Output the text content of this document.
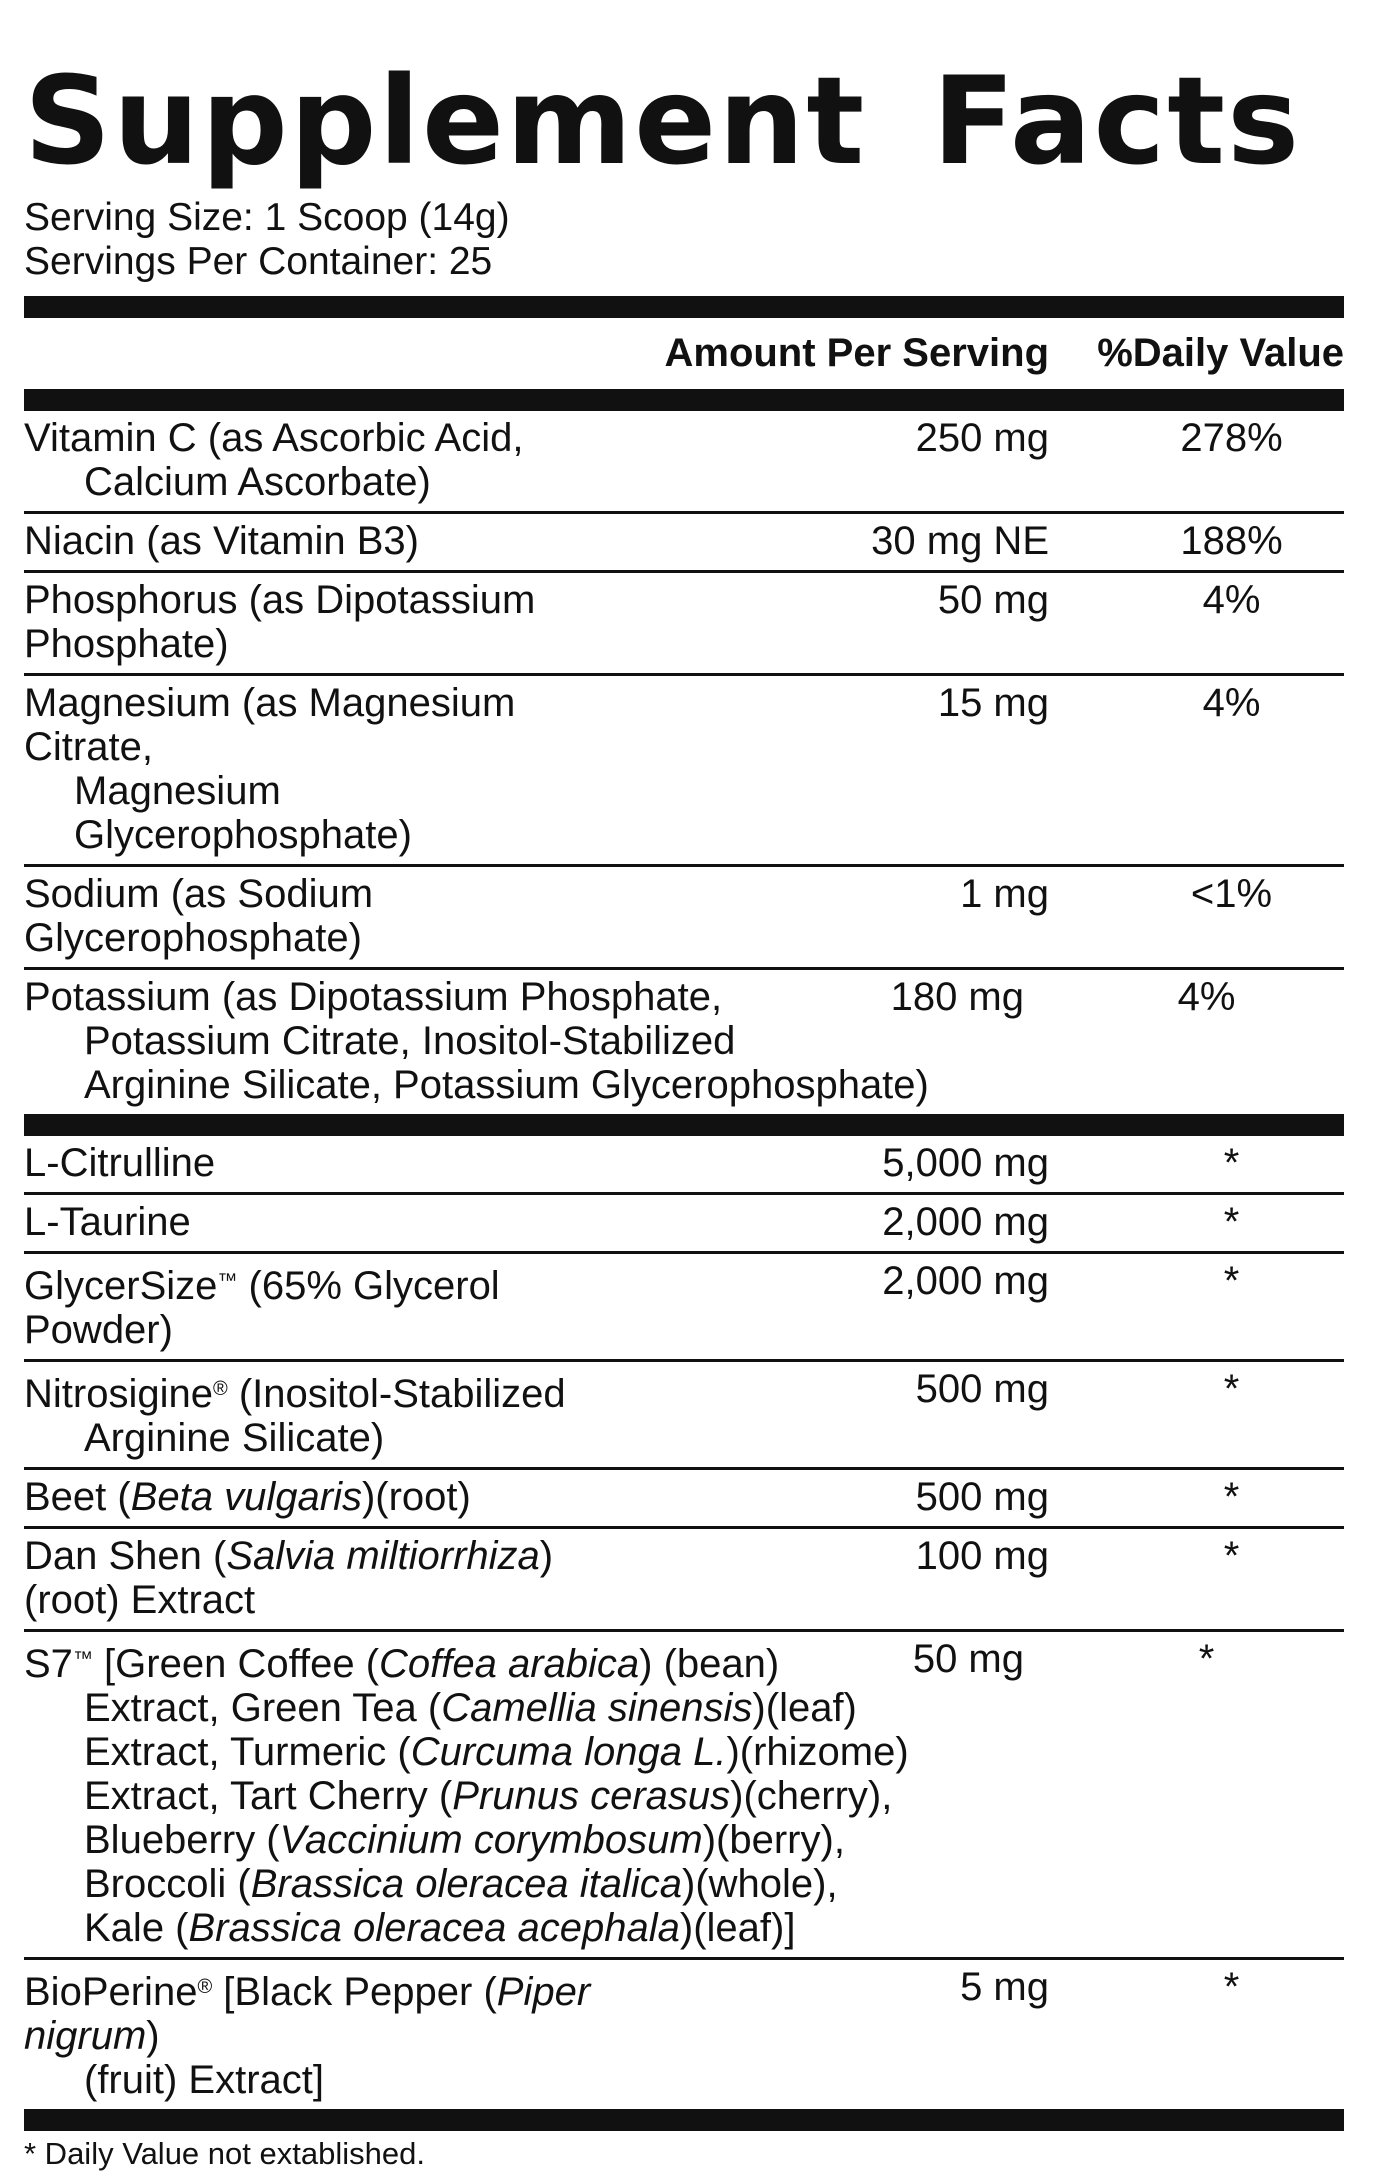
Supplement Facts
Serving Size: 1 Scoop (14g)
Servings Per Container: 25
Amount Per Serving	%Daily Value
Vitamin C (as Ascorbic Acid,
Calcium Ascorbate)
250 mg	278%
Niacin (as Vitamin B3)	30 mg NE	188%
Phosphorus (as Dipotassium Phosphate)
50 mg	4%
Magnesium (as Magnesium Citrate,
Magnesium Glycerophosphate)
15 mg	4%
Sodium (as Sodium Glycerophosphate)
1 mg	<1%
Potassium (as Dipotassium Phosphate,
Potassium Citrate, Inositol-Stabilized
Arginine Silicate, Potassium Glycerophosphate)
180 mg	4%
L-Citrulline	5,000 mg	*
L-Taurine	2,000 mg	*
GlycerSize™ (65% Glycerol Powder)
2,000 mg	*
Nitrosigine® (Inositol-Stabilized
Arginine Silicate)
500 mg	*
Beet (Beta vulgaris)(root)	500 mg	*
Dan Shen (Salvia miltiorrhiza)(root) Extract
100 mg	*
S7™ [Green Coffee (Coffea arabica) (bean)
Extract, Green Tea (Camellia sinensis)(leaf)
Extract, Turmeric (Curcuma longa L.)(rhizome)
Extract, Tart Cherry (Prunus cerasus)(cherry),
Blueberry (Vaccinium corymbosum)(berry),
Broccoli (Brassica oleracea italica)(whole),
Kale (Brassica oleracea acephala)(leaf)]
50 mg	*
BioPerine® [Black Pepper (Piper nigrum)
(fruit) Extract]
5 mg	*
* Daily Value not extablished.
